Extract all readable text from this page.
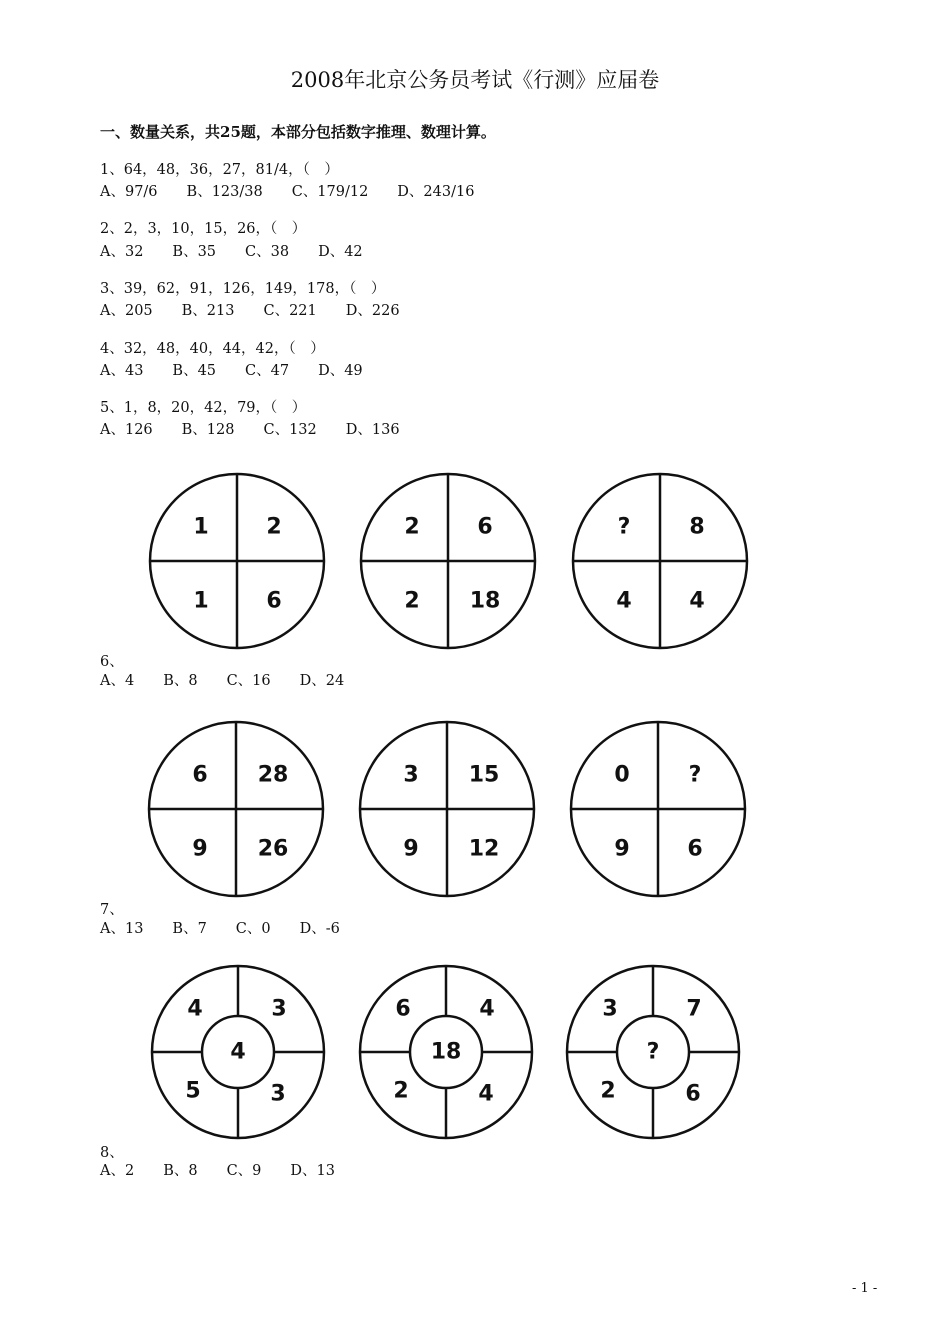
2008年北京公务员考试《行测》应届卷
一、数量关系，共25题，本部分包括数字推理、数理计算。
1、64，48，36，27，81/4，（　）
A、97/6　　B、123/38　　C、179/12　　D、243/16
2、2，3，10，15，26，（　）
A、32　　B、35　　C、38　　D、42
3、39，62，91，126，149，178，（　）
A、205　　B、213　　C、221　　D、226
4、32，48，40，44，42，（　）
A、43　　B、45　　C、47　　D、49
5、1，8，20，42，79，（　）
A、126　　B、128　　C、132　　D、136
6、
A、4　　B、8　　C、16　　D、24
7、
A、13　　B、7　　C、0　　D、-6
8、
A、2　　B、8　　C、9　　D、13
- 1 -
1	2
1	6
2	6
2 18
?	8
4	4
6 28
9 26
3 15
9 12
0	?
9	6
4	3
5	3
4
6	4
2	4
18
3	7
2	6
?
